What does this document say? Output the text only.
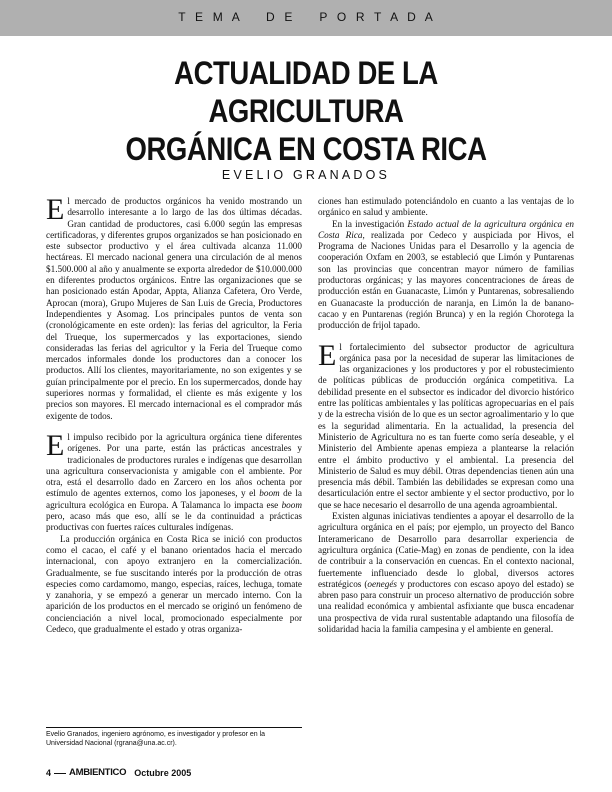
T  E  M  A      D  E      P  O  R  T  A  D  A
ACTUALIDAD DE LA AGRICULTURA
ORGÁNICA EN COSTA RICA
EVELIO GRANADOS

El mercado de productos orgánicos ha venido mostrando un desarrollo interesante a lo largo de las dos últimas décadas. Gran cantidad de productores, casi 6.000 según las empresas certificadoras, y diferentes grupos organizados se han posicionado en este subsector productivo y el área cultivada alcanza 11.000 hectáreas. El mercado nacional genera una circulación de al menos $1.500.000 al año y anualmente se exporta alrededor de $10.000.000 en diferentes productos orgánicos. Entre las organizaciones que se han posicionado están Apodar, Appta, Alianza Cafetera, Oro Verde, Aprocan (mora), Grupo Mujeres de San Luis de Grecia, Productores Independientes y Asomag. Los principales puntos de venta son (cronológicamente en este orden): las ferias del agricultor, la Feria del Trueque, los supermercados y las exportaciones, siendo consideradas las ferias del agricultor y la Feria del Trueque como mercados informales donde los productores dan a conocer los productos. Allí los clientes, mayoritariamente, no son exigentes y se guían principalmente por el precio. En los supermercados, donde hay superiores normas y formalidad, el cliente es más exigente y los precios son mayores. El mercado internacional es el comprador más exigente de todos.

El impulso recibido por la agricultura orgánica tiene diferentes orígenes. Por una parte, están las prácticas ancestrales y tradicionales de productores rurales e indígenas que desarrollan una agricultura conservacionista y amigable con el ambiente. Por otra, está el desarrollo dado en Zarcero en los años ochenta por estímulo de agentes externos, como los japoneses, y el boom de la agricultura ecológica en Europa. A Talamanca lo impacta ese boom pero, acaso más que eso, allí se le da continuidad a prácticas productivas con fuertes raíces culturales indígenas.

La producción orgánica en Costa Rica se inició con productos como el cacao, el café y el banano orientados hacia el mercado internacional, con apoyo extranjero en la comercialización. Gradualmente, se fue suscitando interés por la producción de otras especies como cardamomo, mango, especias, raíces, lechuga, tomate y zanahoria, y se empezó a generar un mercado interno. Con la aparición de los productos en el mercado se originó un fenómeno de concienciación a nivel local, promocionado especialmente por Cedeco, que gradualmente el estado y otras organiza-

ciones han estimulado potenciándolo en cuanto a las ventajas de lo orgánico en salud y ambiente.

En la investigación Estado actual de la agricultura orgánica en Costa Rica, realizada por Cedeco y auspiciada por Hivos, el Programa de Naciones Unidas para el Desarrollo y la agencia de cooperación Oxfam en 2003, se estableció que Limón y Puntarenas son las provincias que concentran mayor número de familias productoras orgánicas; y las mayores concentraciones de áreas de producción están en Guanacaste, Limón y Puntarenas, sobresaliendo en Guanacaste la producción de naranja, en Limón la de banano-cacao y en Puntarenas (región Brunca) y en la región Chorotega la producción de frijol tapado.

El fortalecimiento del subsector productor de agricultura orgánica pasa por la necesidad de superar las limitaciones de las organizaciones y los productores y por el robustecimiento de políticas públicas de producción orgánica competitiva. La debilidad presente en el subsector es indicador del divorcio histórico entre las políticas ambientales y las políticas agropecuarias en el país y de la estrecha visión de lo que es un sector agroalimentario y lo que es la seguridad alimentaria. En la actualidad, la presencia del Ministerio de Agricultura no es tan fuerte como sería deseable, y el Ministerio del Ambiente apenas empieza a plantearse la relación entre el ámbito productivo y el ambiental. La presencia del Ministerio de Salud es muy débil. Otras dependencias tienen aún una presencia más débil. También las debilidades se expresan como una desarticulación entre el sector ambiente y el sector productivo, por lo que se hace necesario el desarrollo de una agenda agroambiental.

Existen algunas iniciativas tendientes a apoyar el desarrollo de la agricultura orgánica en el país; por ejemplo, un proyecto del Banco Interamericano de Desarrollo para desarrollar experiencia de agricultura orgánica (Catie-Mag) en zonas de pendiente, con la idea de contribuir a la conservación en cuencas. En el contexto nacional, fuertemente influenciado desde lo global, diversos actores estratégicos (oenegés y productores con escaso apoyo del estado) se abren paso para construir un proceso alternativo de producción sobre una realidad económica y ambiental asfixiante que busca encadenar una prospectiva de vida rural sustentable adaptando una filosofía de solidaridad hacia la familia campesina y el ambiente en general.

Evelio Granados, ingeniero agrónomo, es investigador y profesor en la Universidad Nacional (rgrana@una.ac.cr).
4 AMBIENTICO Octubre 2005
